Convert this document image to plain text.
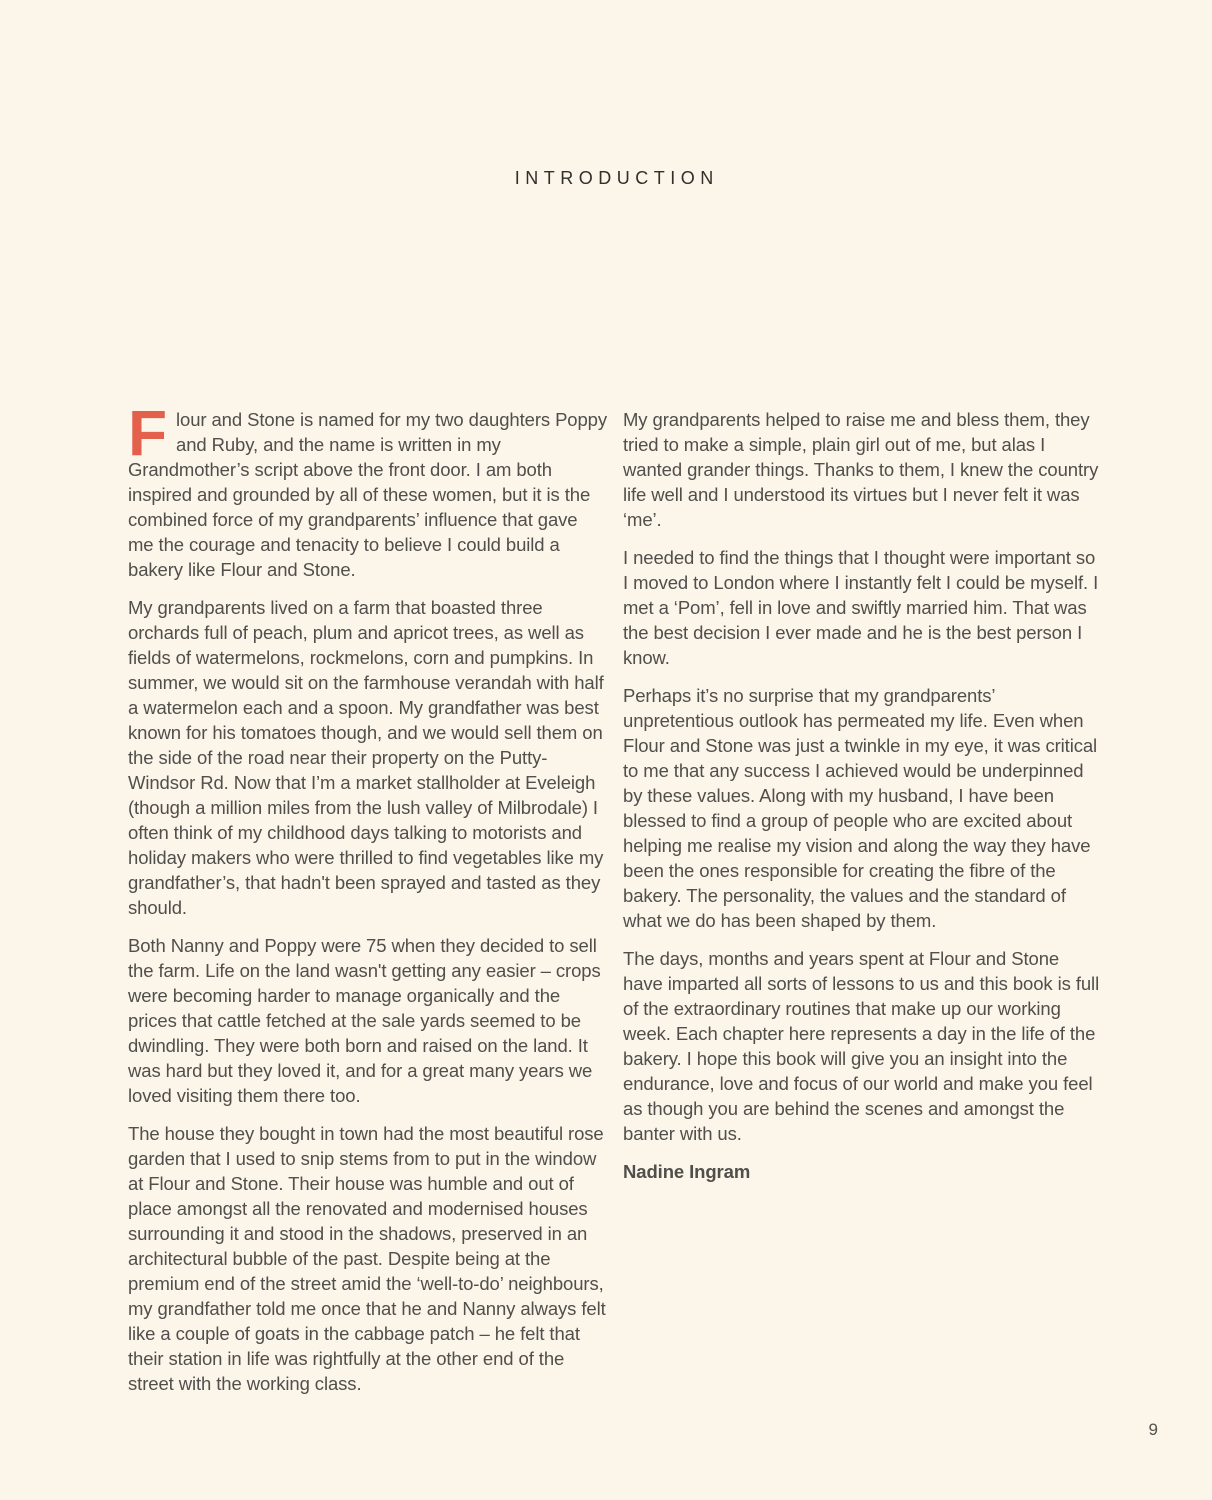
INTRODUCTION

Flour and Stone is named for my two daughters Poppy and Ruby, and the name is written in my Grandmother’s script above the front door. I am both inspired and grounded by all of these women, but it is the combined force of my grandparents’ influence that gave me the courage and tenacity to believe I could build a bakery like Flour and Stone.

My grandparents lived on a farm that boasted three orchards full of peach, plum and apricot trees, as well as fields of watermelons, rockmelons, corn and pumpkins. In summer, we would sit on the farmhouse verandah with half a watermelon each and a spoon. My grandfather was best known for his tomatoes though, and we would sell them on the side of the road near their property on the Putty-Windsor Rd. Now that I’m a market stallholder at Eveleigh (though a million miles from the lush valley of Milbrodale) I often think of my childhood days talking to motorists and holiday makers who were thrilled to find vegetables like my grandfather’s, that hadn't been sprayed and tasted as they should.

Both Nanny and Poppy were 75 when they decided to sell the farm. Life on the land wasn't getting any easier – crops were becoming harder to manage organically and the prices that cattle fetched at the sale yards seemed to be dwindling. They were both born and raised on the land. It was hard but they loved it, and for a great many years we loved visiting them there too.

The house they bought in town had the most beautiful rose garden that I used to snip stems from to put in the window at Flour and Stone. Their house was humble and out of place amongst all the renovated and modernised houses surrounding it and stood in the shadows, preserved in an architectural bubble of the past. Despite being at the premium end of the street amid the ‘well-to-do’ neighbours, my grandfather told me once that he and Nanny always felt like a couple of goats in the cabbage patch – he felt that their station in life was rightfully at the other end of the street with the working class.

My grandparents helped to raise me and bless them, they tried to make a simple, plain girl out of me, but alas I wanted grander things. Thanks to them, I knew the country life well and I understood its virtues but I never felt it was ‘me’.

I needed to find the things that I thought were important so I moved to London where I instantly felt I could be myself. I met a ‘Pom’, fell in love and swiftly married him. That was the best decision I ever made and he is the best person I know.

Perhaps it’s no surprise that my grandparents’ unpretentious outlook has permeated my life. Even when Flour and Stone was just a twinkle in my eye, it was critical to me that any success I achieved would be underpinned by these values. Along with my husband, I have been blessed to find a group of people who are excited about helping me realise my vision and along the way they have been the ones responsible for creating the fibre of the bakery. The personality, the values and the standard of what we do has been shaped by them.

The days, months and years spent at Flour and Stone have imparted all sorts of lessons to us and this book is full of the extraordinary routines that make up our working week. Each chapter here represents a day in the life of the bakery. I hope this book will give you an insight into the endurance, love and focus of our world and make you feel as though you are behind the scenes and amongst the banter with us.

Nadine Ingram

9
